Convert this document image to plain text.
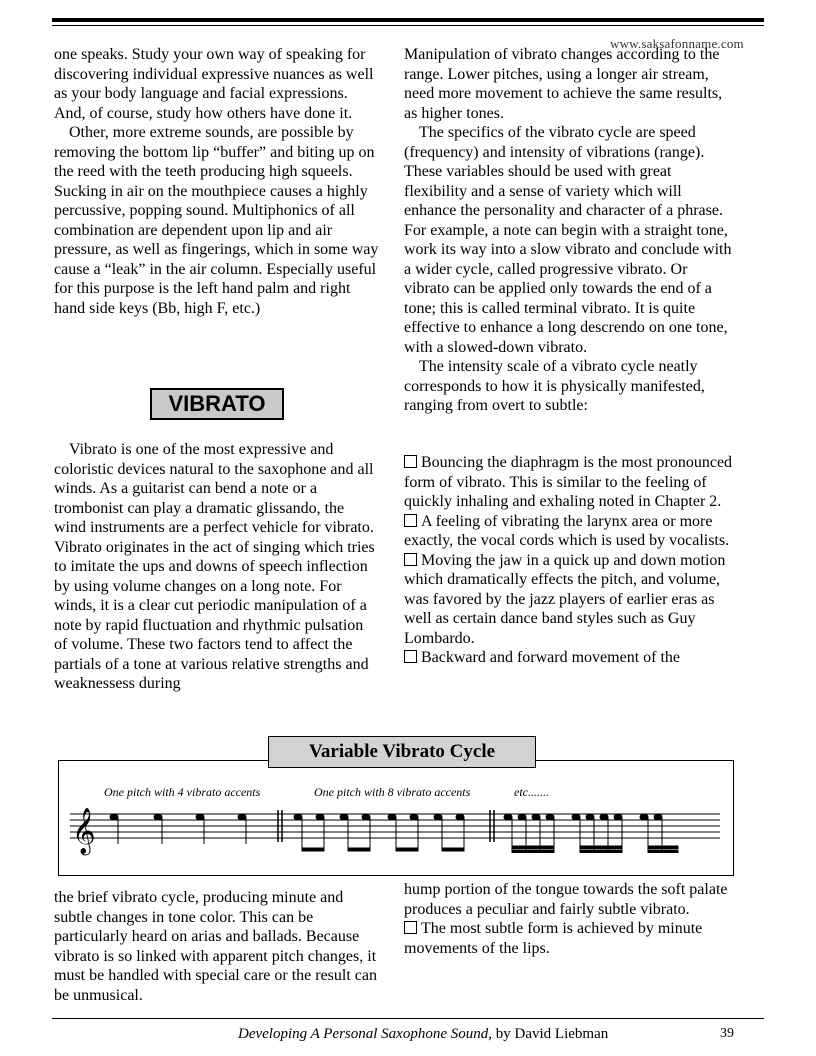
www.saksafonname.com

one speaks. Study your own way of speaking for discovering individual expressive nuances as well as your body language and facial expressions. And, of course, study how others have done it.

Other, more extreme sounds, are possible by removing the bottom lip “buffer” and biting up on the reed with the teeth producing high squeels. Sucking in air on the mouthpiece causes a highly percussive, popping sound. Multiphonics of all combination are dependent upon lip and air pressure, as well as fingerings, which in some way cause a “leak” in the air column. Especially useful for this purpose is the left hand palm and right hand side keys (Bb, high F, etc.)

VIBRATO

Vibrato is one of the most expressive and coloristic devices natural to the saxophone and all winds. As a guitarist can bend a note or a trombonist can play a dramatic glissando, the wind instruments are a perfect vehicle for vibrato. Vibrato originates in the act of singing which tries to imitate the ups and downs of speech inflection by using volume changes on a long note. For winds, it is a clear cut periodic manipulation of a note by rapid fluctuation and rhythmic pulsation of volume. These two factors tend to affect the partials of a tone at various relative strengths and weaknessess during

Manipulation of vibrato changes according to the range. Lower pitches, using a longer air stream, need more movement to achieve the same results, as higher tones.

The specifics of the vibrato cycle are speed (frequency) and intensity of vibrations (range). These variables should be used with great flexibility and a sense of variety which will enhance the personality and character of a phrase. For example, a note can begin with a straight tone, work its way into a slow vibrato and conclude with a wider cycle, called progressive vibrato. Or vibrato can be applied only towards the end of a tone; this is called terminal vibrato. It is quite effective to enhance a long descrendo on one tone, with a slowed-down vibrato.

The intensity scale of a vibrato cycle neatly corresponds to how it is physically manifested, ranging from overt to subtle:

Bouncing the diaphragm is the most pronounced form of vibrato. This is similar to the feeling of quickly inhaling and exhaling noted in Chapter 2.

A feeling of vibrating the larynx area or more exactly, the vocal cords which is used by vocalists.

Moving the jaw in a quick up and down motion which dramatically effects the pitch, and volume, was favored by the jazz players of earlier eras as well as certain dance band styles such as Guy Lombardo.

Backward and forward movement of the

Variable Vibrato Cycle
One pitch with 4 vibrato accents	One pitch with 8 vibrato accents	etc.......
𝄞

the brief vibrato cycle, producing minute and subtle changes in tone color. This can be particularly heard on arias and ballads. Because vibrato is so linked with apparent pitch changes, it must be handled with special care or the result can be unmusical.

hump portion of the tongue towards the soft palate produces a peculiar and fairly subtle vibrato.

The most subtle form is achieved by minute movements of the lips.

Developing A Personal Saxophone Sound, by David Liebman	39
